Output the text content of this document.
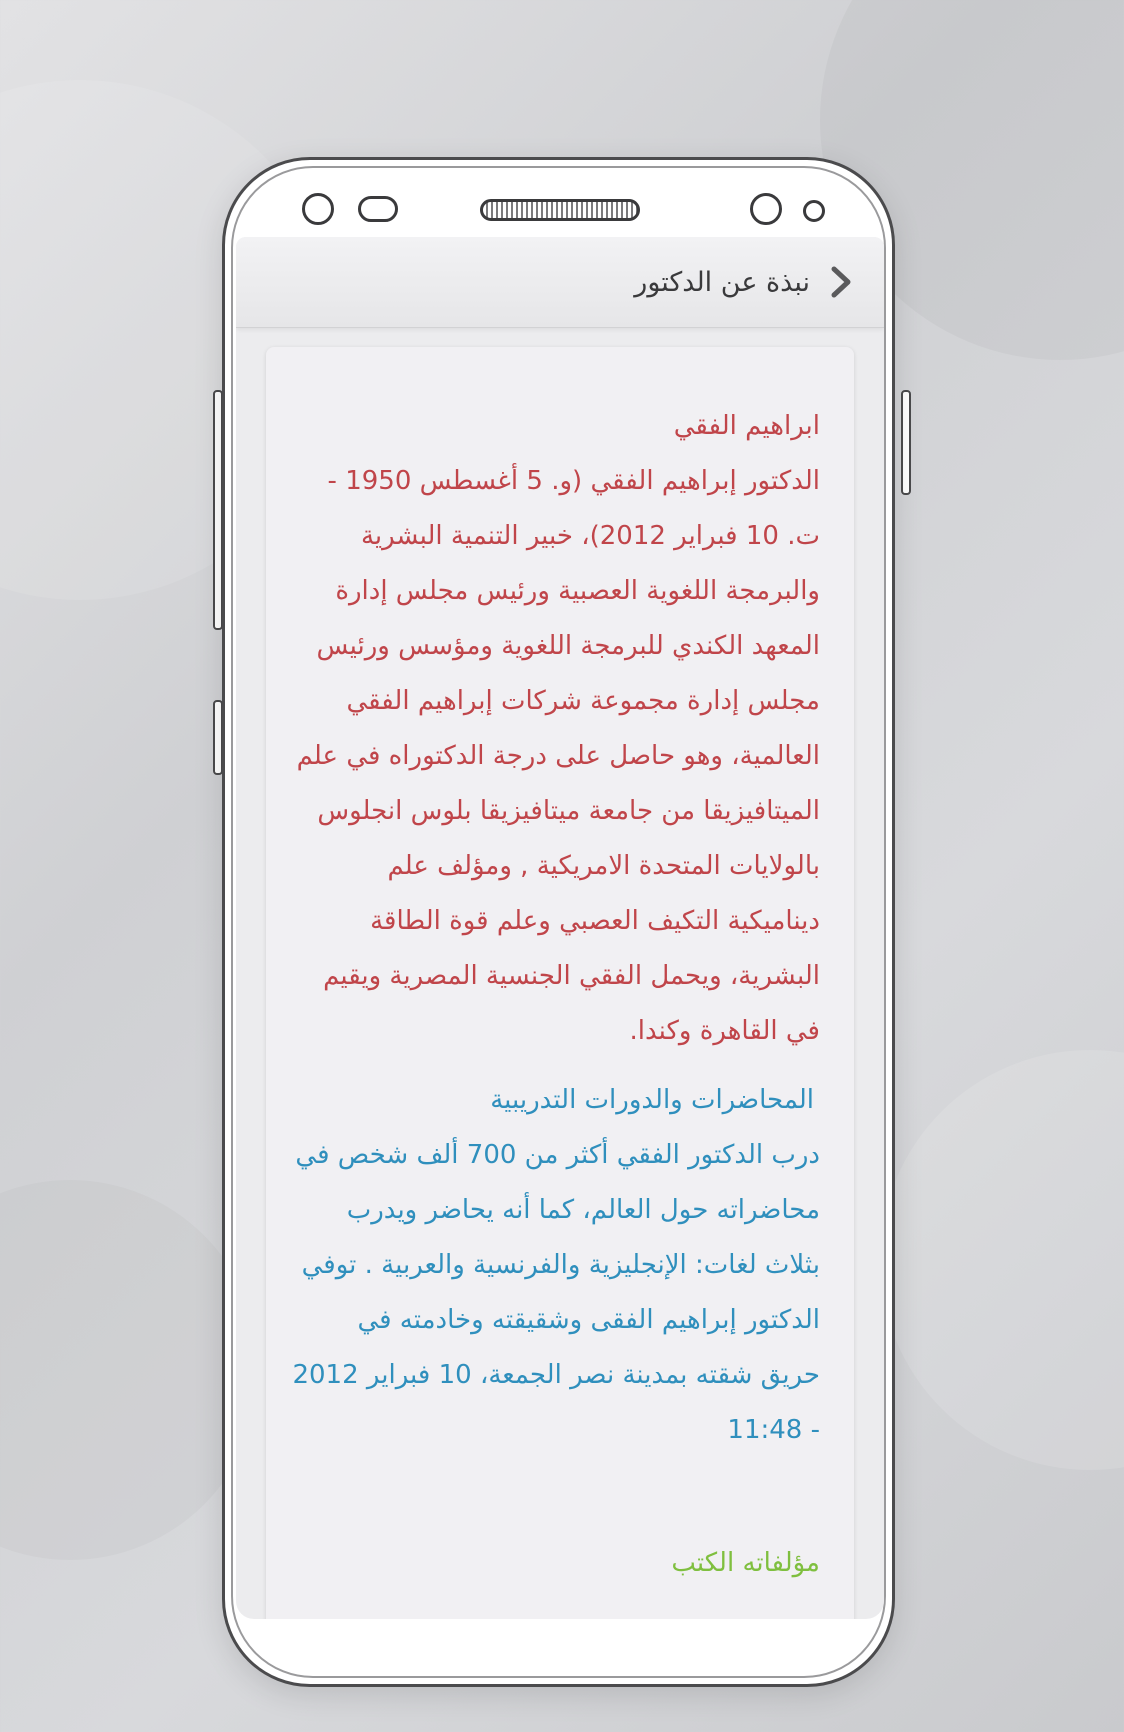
نبذة عن الدكتور
ابراهيم الفقي
الدكتور إبراهيم الفقي (و. 5 أغسطس 1950 - ت. 10 فبراير 2012)، خبير التنمية البشرية والبرمجة اللغوية العصبية ورئيس مجلس إدارة المعهد الكندي للبرمجة اللغوية ومؤسس ورئيس مجلس إدارة مجموعة شركات إبراهيم الفقي العالمية، وهو حاصل على درجة الدكتوراه في علم الميتافيزيقا من جامعة ميتافيزيقا بلوس انجلوس بالولايات المتحدة الامريكية , ومؤلف علم ديناميكية التكيف العصبي وعلم قوة الطاقة البشرية، ويحمل الفقي الجنسية المصرية ويقيم في القاهرة وكندا.
المحاضرات والدورات التدريبية
درب الدكتور الفقي أكثر من 700 ألف شخص في محاضراته حول العالم، كما أنه يحاضر ويدرب بثلاث لغات: الإنجليزية والفرنسية والعربية . توفي الدكتور إبراهيم الفقى وشقيقته وخادمته في حريق شقته بمدينة نصر الجمعة، 10 فبراير 2012 - 11:48
مؤلفاته الكتب
